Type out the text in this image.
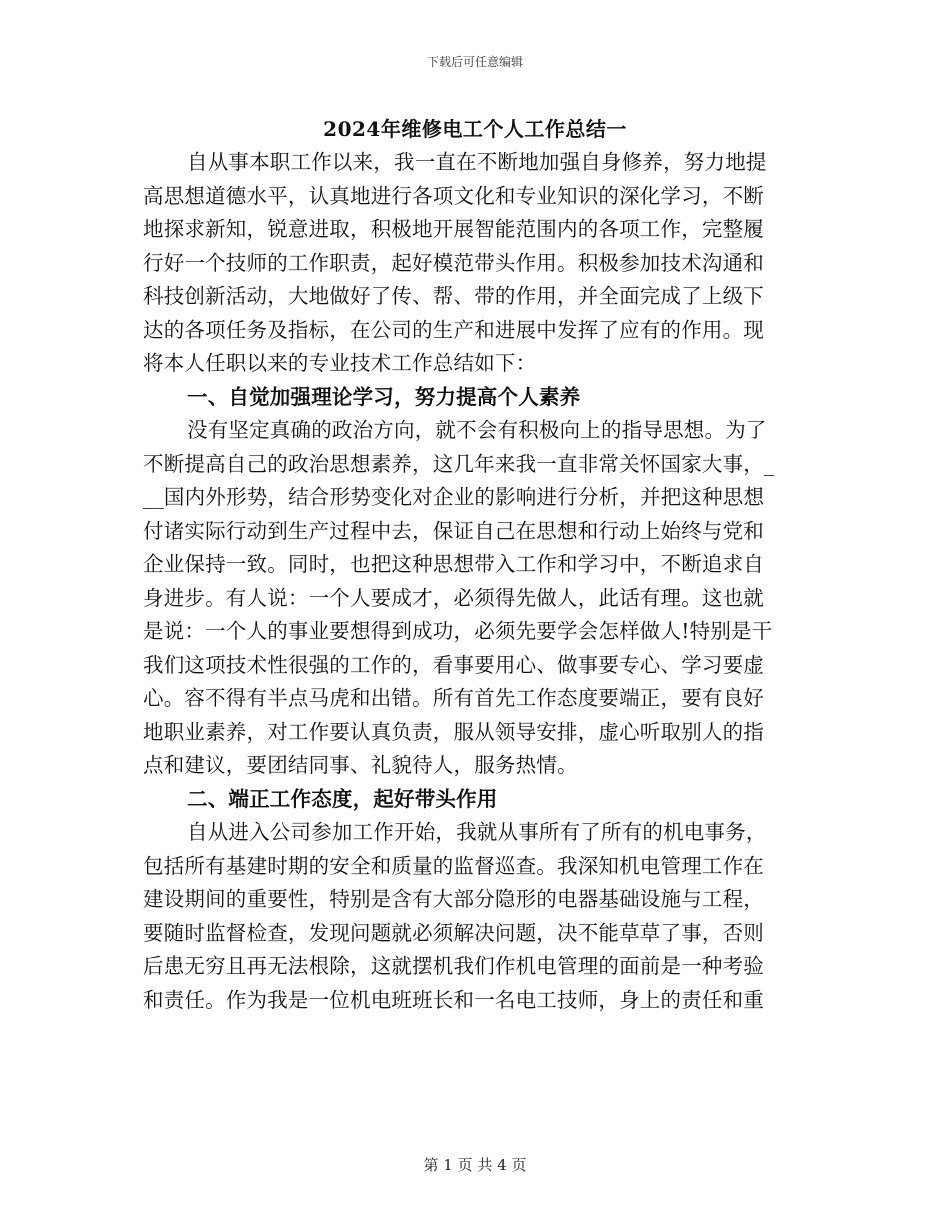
下载后可任意编辑
2024年维修电工个人工作总结一
自从事本职工作以来，我一直在不断地加强自身修养，努力地提
高思想道德水平，认真地进行各项文化和专业知识的深化学习，不断
地探求新知，锐意进取，积极地开展智能范围内的各项工作，完整履
行好一个技师的工作职责，起好模范带头作用。积极参加技术沟通和
科技创新活动，大地做好了传、帮、带的作用，并全面完成了上级下
达的各项任务及指标，在公司的生产和进展中发挥了应有的作用。现
将本人任职以来的专业技术工作总结如下：
一、自觉加强理论学习，努力提高个人素养
没有坚定真确的政治方向，就不会有积极向上的指导思想。为了
不断提高自己的政治思想素养，这几年来我一直非常关怀国家大事，_
__国内外形势，结合形势变化对企业的影响进行分析，并把这种思想
付诸实际行动到生产过程中去，保证自己在思想和行动上始终与党和
企业保持一致。同时，也把这种思想带入工作和学习中，不断追求自
身进步。有人说：一个人要成才，必须得先做人，此话有理。这也就
是说：一个人的事业要想得到成功，必须先要学会怎样做人!特别是干
我们这项技术性很强的工作的，看事要用心、做事要专心、学习要虚
心。容不得有半点马虎和出错。所有首先工作态度要端正，要有良好
地职业素养，对工作要认真负责，服从领导安排，虚心听取别人的指
点和建议，要团结同事、礼貌待人，服务热情。
二、端正工作态度，起好带头作用
自从进入公司参加工作开始，我就从事所有了所有的机电事务，
包括所有基建时期的安全和质量的监督巡查。我深知机电管理工作在
建设期间的重要性，特别是含有大部分隐形的电器基础设施与工程，
要随时监督检查，发现问题就必须解决问题，决不能草草了事，否则
后患无穷且再无法根除，这就摆机我们作机电管理的面前是一种考验
和责任。作为我是一位机电班班长和一名电工技师，身上的责任和重
第 1 页 共 4 页
